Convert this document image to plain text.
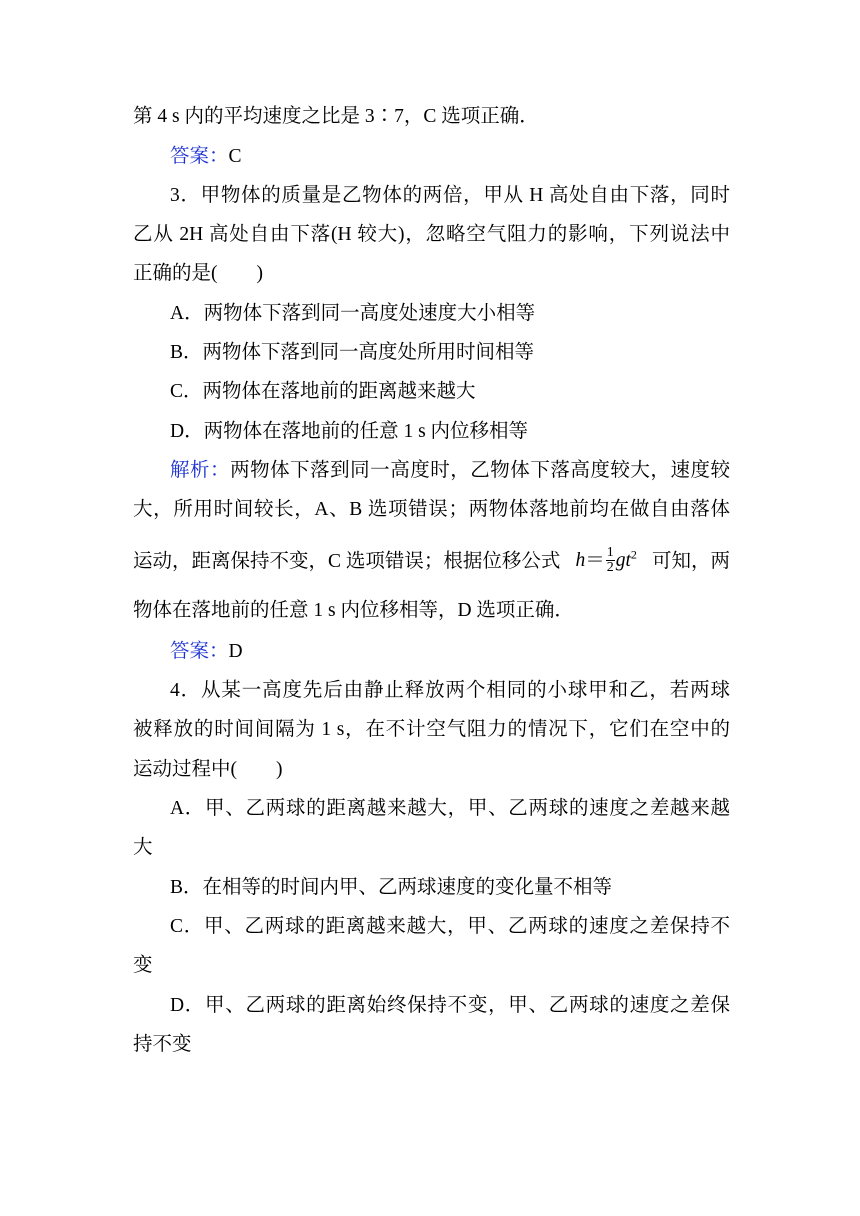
第 4 s 内的平均速度之比是 3∶7，C 选项正确．
答案：C
3．甲物体的质量是乙物体的两倍，甲从 H 高处自由下落，同时
乙从 2H 高处自由下落(H 较大)，忽略空气阻力的影响，下列说法中
正确的是(　　)
A．两物体下落到同一高度处速度大小相等
B．两物体下落到同一高度处所用时间相等
C．两物体在落地前的距离越来越大
D．两物体在落地前的任意 1 s 内位移相等
解析：两物体下落到同一高度时，乙物体下落高度较大，速度较
大，所用时间较长，A、B 选项错误；两物体落地前均在做自由落体
运动，距离保持不变，C 选项错误；根据位移公式 $h= \frac{1}{2} gt^2$ 可知，两
物体在落地前的任意 1 s 内位移相等，D 选项正确．
答案：D
4．从某一高度先后由静止释放两个相同的小球甲和乙，若两球
被释放的时间间隔为 1 s，在不计空气阻力的情况下，它们在空中的
运动过程中(　　)
A．甲、乙两球的距离越来越大，甲、乙两球的速度之差越来越
大
B．在相等的时间内甲、乙两球速度的变化量不相等
C．甲、乙两球的距离越来越大，甲、乙两球的速度之差保持不
变
D．甲、乙两球的距离始终保持不变，甲、乙两球的速度之差保
持不变
